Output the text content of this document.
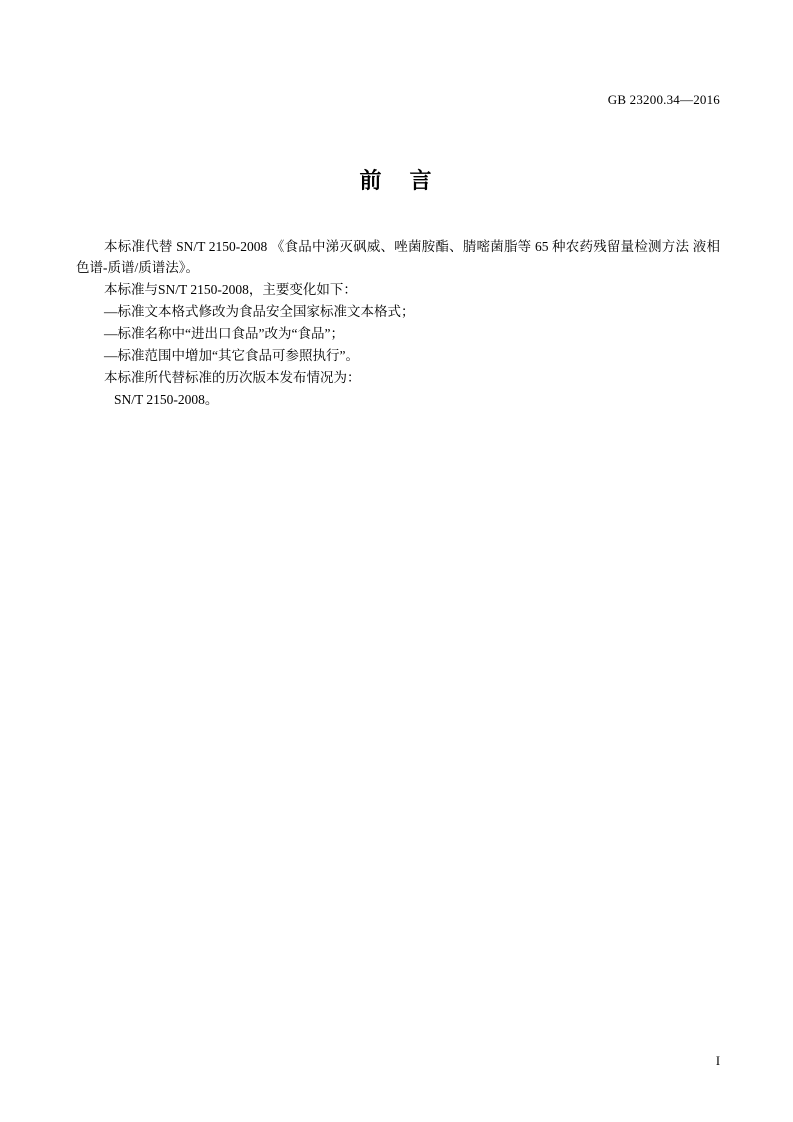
GB 23200.34—2016
前 言

本标准代替 SN/T 2150-2008 《食品中涕灭砜威、唑菌胺酯、腈嘧菌脂等 65 种农药残留量检测方法 液相色谱-质谱/质谱法》。

本标准与SN/T 2150-2008，主要变化如下：

—标准文本格式修改为食品安全国家标准文本格式；

—标准名称中“进出口食品”改为“食品”；

—标准范围中增加“其它食品可参照执行”。

本标准所代替标准的历次版本发布情况为：

SN/T 2150-2008。

I
